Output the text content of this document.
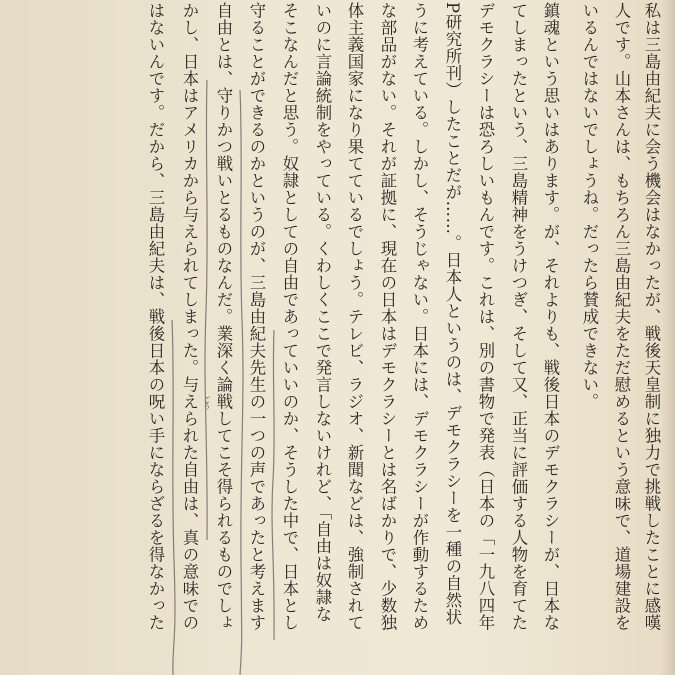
私は三島由紀夫に会う機会はなかったが、戦後天皇制に独力で挑戦したことに感嘆
人です。山本さんは、もちろん三島由紀夫をただ慰めるという意味で、道場建設を
いるんではないでしょうね。だったら賛成できない。
鎮魂という思いはあります。が、それよりも、戦後日本のデモクラシーが、日本な
てしまったという、三島精神をうけつぎ、そして又、正当に評価する人物を育てた
デモクラシーは恐ろしいもんです。これは、別の書物で発表（日本の「一九八四年
P研究所刊）したことだが……。日本人というのは、デモクラシーを一種の自然状
うに考えている。しかし、そうじゃない。日本には、デモクラシーが作動するため
な部品がない。それが証拠に、現在の日本はデモクラシーとは名ばかりで、少数独
体主義国家になり果てているでしょう。テレビ、ラジオ、新聞などは、強制されて
いのに言論統制をやっている。くわしくここで発言しないけれど、「自由は奴隷な
そこなんだと思う。奴隷としての自由であっていいのか、そうした中で、日本とし
守ることができるのかというのが、三島由紀夫先生の一つの声であったと考えます
自由とは、守りかつ戦いとるものなんだ。業深く論戦してこそ得られるものでしょ
かし、日本はアメリカから与えられてしまった。与えられた自由は、真の意味での
はないんです。だから、三島由紀夫は、戦後日本の呪い手にならざるを得なかった	ごう
